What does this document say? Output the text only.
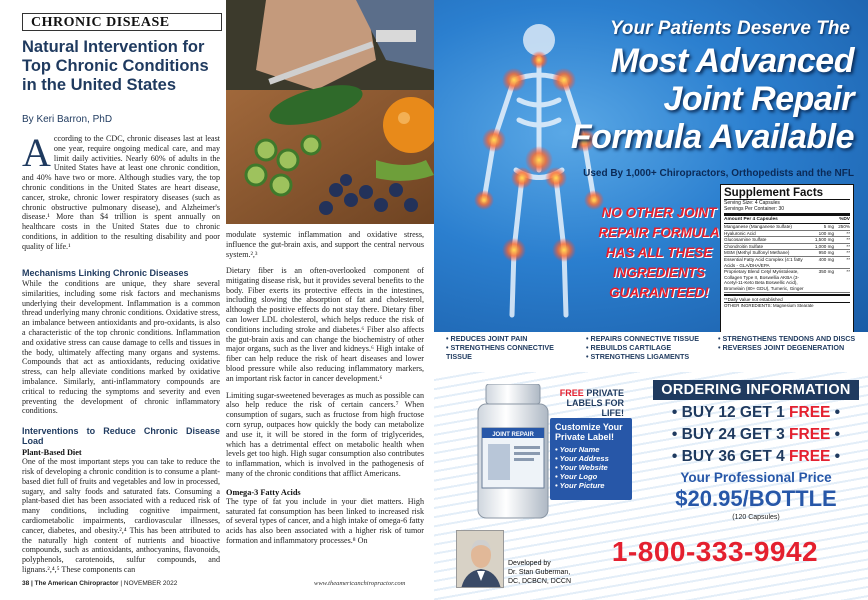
CHRONIC DISEASE
Natural Intervention for Top Chronic Conditions in the United States
By Keri Barron, PhD
According to the CDC, chronic diseases last at least one year, require ongoing medical care, and may limit daily activities. Nearly 60% of adults in the United States have at least one chronic condition, and 40% have two or more. Although studies vary, the top chronic conditions in the United States are heart disease, cancer, stroke, chronic lower respiratory diseases (such as chronic obstructive pulmonary disease), and Alzheimer's disease.¹ More than $4 trillion is spent annually on healthcare costs in the United States due to chronic conditions, in addition to the resulting disability and poor quality of life.¹
Mechanisms Linking Chronic Diseases

While the conditions are unique, they share several similarities, including some risk factors and mechanisms underlying their development. Inflammation is a common thread underlying many chronic conditions. Oxidative stress, an imbalance between antioxidants and pro-oxidants, is also a characteristic of the top chronic conditions. Inflammation and oxidative stress can cause damage to cells and tissues in the body, ultimately affecting many organs and systems. Compounds that act as antioxidants, reducing oxidative stress, can help alleviate conditions marked by oxidative imbalance. Similarly, anti-inflammatory compounds are critical to reducing the symptoms and severity and even preventing the development of chronic inflammatory conditions.

Interventions to Reduce Chronic Disease Load
Plant-Based Diet

One of the most important steps you can take to reduce the risk of developing a chronic condition is to consume a plant-based diet full of fruits and vegetables and low in processed, sugary, and salty foods and saturated fats. Consuming a plant-based diet has been associated with a reduced risk of many conditions, including cognitive impairment, cardiometabolic impairments, cardiovascular illnesses, cancer, diabetes, and obesity.²,⁴ This has been attributed to the naturally high content of nutrients and bioactive compounds, such as antioxidants, anthocyanins, flavonoids, polyphenols, carotenoids, sulfur compounds, and lignans.²,⁴,⁵ These components can

modulate systemic inflammation and oxidative stress, influence the gut-brain axis, and support the central nervous system.²,³

Dietary fiber is an often-overlooked component of mitigating disease risk, but it provides several benefits to the body. Fiber exerts its protective effects in the intestines, including slowing the absorption of fat and cholesterol, although the positive effects do not stay there. Dietary fiber can lower LDL cholesterol, which helps reduce the risk of conditions including stroke and diabetes.⁶ Fiber also affects the gut-brain axis and can change the biochemistry of other major organs, such as the liver and kidneys.⁶ High intake of fiber can help reduce the risk of heart diseases and lower blood pressure while also reducing inflammatory markers, an important risk factor in cancer development.⁶

Limiting sugar-sweetened beverages as much as possible can also help reduce the risk of certain cancers.⁷ When consumption of sugars, such as fructose from high fructose corn syrup, outpaces how quickly the body can metabolize and use it, it will be stored in the form of triglycerides, which has a detrimental effect on metabolic health when levels get too high. High sugar consumption also contributes to inflammation, which is involved in the pathogenesis of many of the chronic conditions that afflict Americans.

Omega-3 Fatty Acids

The type of fat you include in your diet matters. High saturated fat consumption has been linked to increased risk of several types of cancer, and a high intake of omega-6 fatty acids has also been associated with a higher risk of tumor formation and inflammatory processes.⁸ On

38 | The American Chiropractor | NOVEMBER 2022	www.theamericanchiropractor.com
Your Patients Deserve The
Most Advanced
Joint Repair
Formula Available
Used By 1,000+ Chiropractors, Orthopedists and the NFL
NO OTHER JOINT REPAIR FORMULA HAS ALL THESE INGREDIENTS GUARANTEED!
Supplement Facts
Serving Size: 4 Capsules
Servings Per Container: 30
Amount Per 4 Capsules	%DV
Manganese (Manganese Sulfate)	5 mg 250%
Hyaluronic Acid	100 mg	**
Glucosamine Sulfate	1,500 mg	**
Chondroitin Sulfate	1,000 mg	**
MSM (Methyl Sulfonyl Methane)	950 mg	**
Essential Fatty Acid Complex (4:1 fatty Acids - GLA/DHA/EPA
400 mg	**
Proprietary Blend Cetyl Myristoleate, Collagen Type II, Boswellia AKBA (3-Acetyl-11-Keto Beta Boswellic Acid), Bromelain (80+ GDU), Tumeric, Ginger
350 mg	**
**Daily Value not established
OTHER INGREDIENTS: Magnesium Stearate
• REDUCES JOINT PAIN
• STRENGTHENS CONNECTIVE TISSUE
• REPAIRS CONNECTIVE TISSUE
• REBUILDS CARTILAGE
• STRENGTHENS LIGAMENTS
• STRENGTHENS TENDONS AND DISCS
• REVERSES JOINT DEGENERATION
JOINT REPAIR
FREE PRIVATE LABELS FOR LIFE!
Customize Your Private Label!
• Your Name
• Your Address
• Your Website
• Your Logo
• Your Picture
ORDERING INFORMATION
• BUY 12 GET 1 FREE •
• BUY 24 GET 3 FREE •
• BUY 36 GET 4 FREE •
Your Professional Price
$20.95/BOTTLE
(120 Capsules)
Developed by
Dr. Stan Guberman,
DC, DCBCN, DCCN
1-800-333-9942
